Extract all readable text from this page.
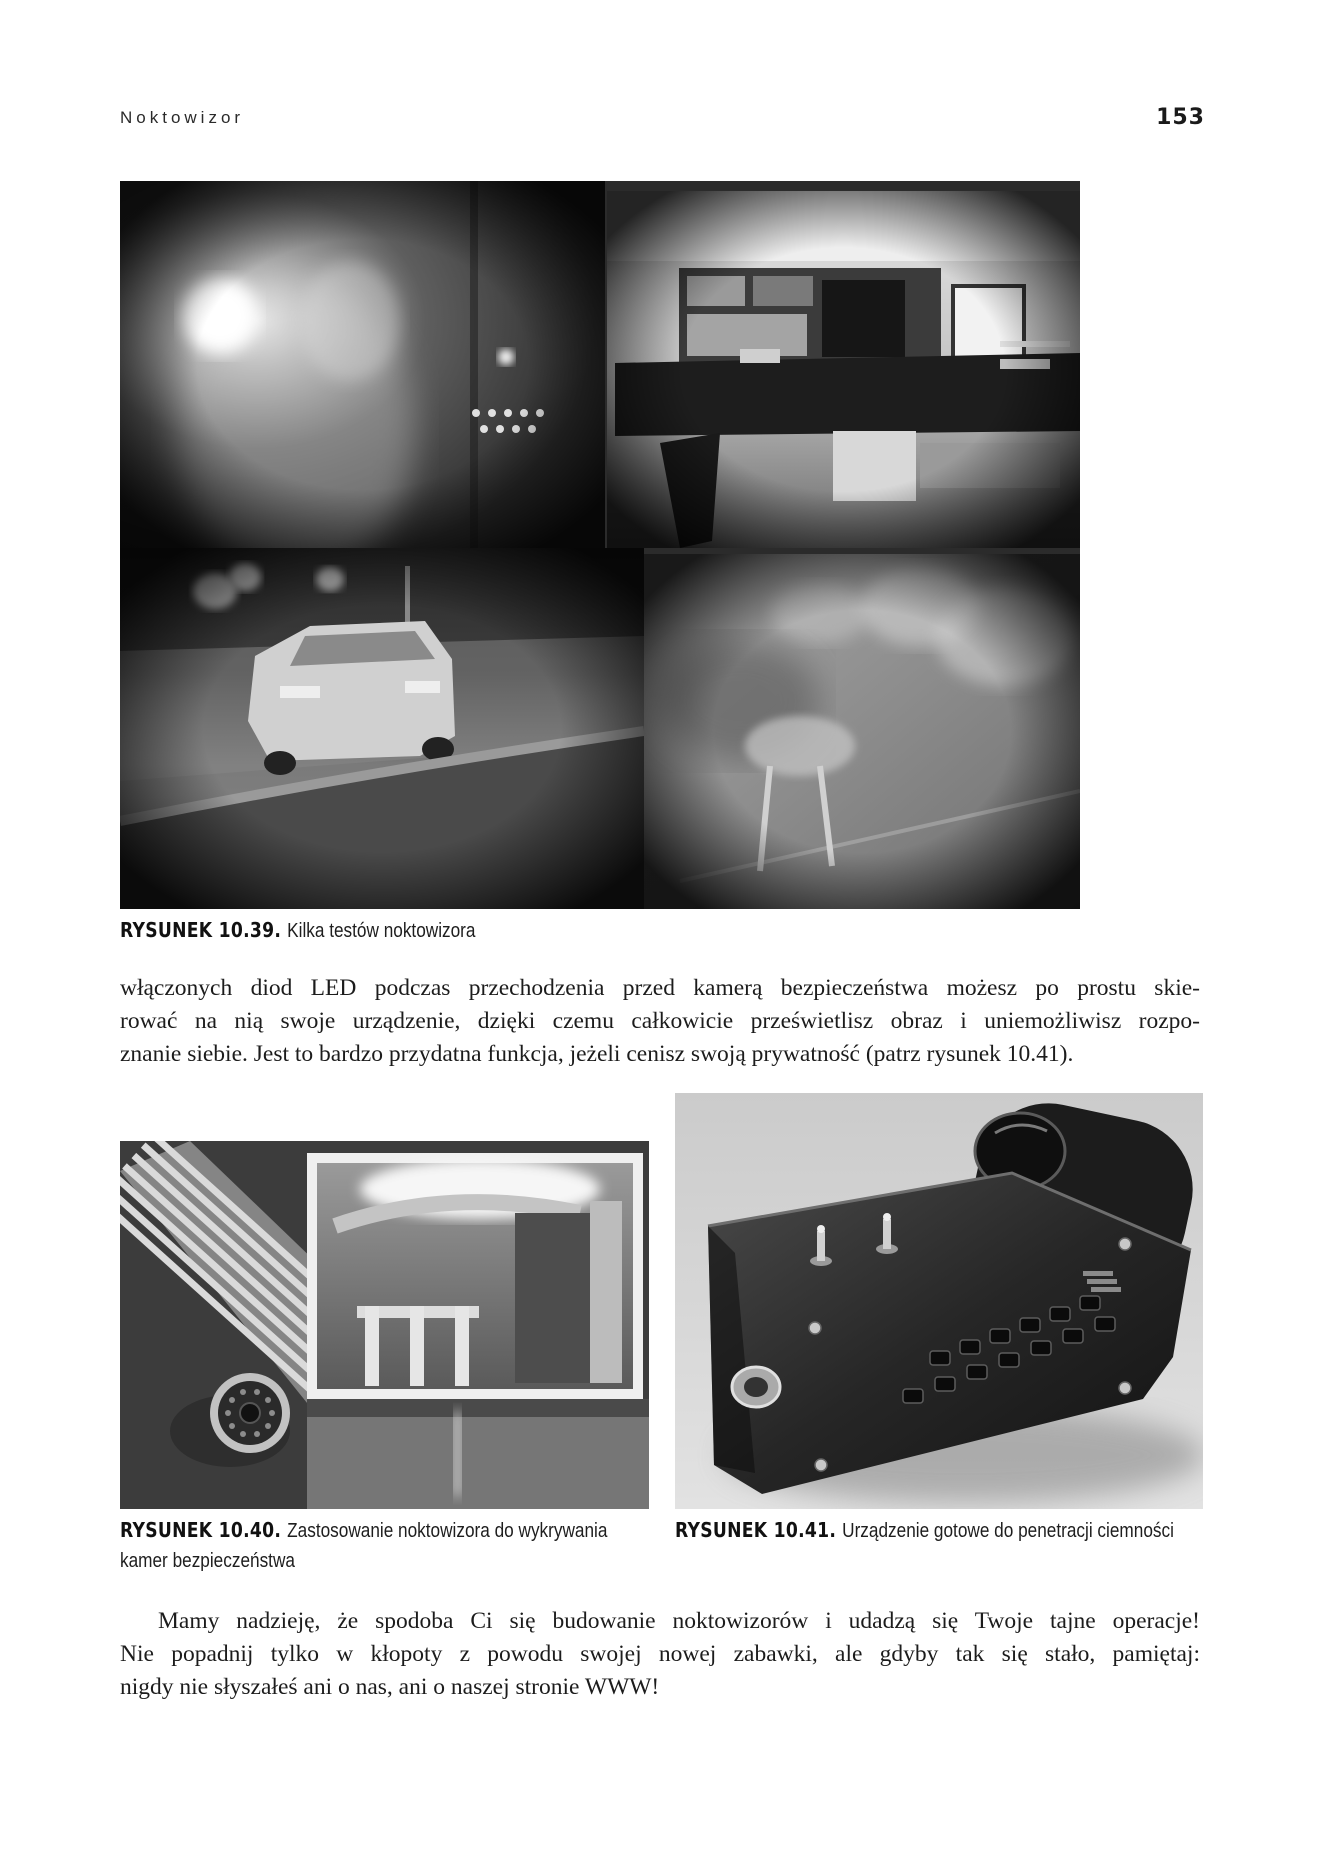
Noktowizor	153
RYSUNEK 10.39. Kilka testów noktowizora
włączonych diod LED podczas przechodzenia przed kamerą bezpieczeństwa możesz po prostu skie-
rować na nią swoje urządzenie, dzięki czemu całkowicie prześwietlisz obraz i uniemożliwisz rozpo-
znanie siebie. Jest to bardzo przydatna funkcja, jeżeli cenisz swoją prywatność (patrz rysunek 10.41).
RYSUNEK 10.40. Zastosowanie noktowizora do wykrywania
kamer bezpieczeństwa
RYSUNEK 10.41. Urządzenie gotowe do penetracji ciemności
Mamy nadzieję, że spodoba Ci się budowanie noktowizorów i udadzą się Twoje tajne operacje!
Nie popadnij tylko w kłopoty z powodu swojej nowej zabawki, ale gdyby tak się stało, pamiętaj:
nigdy nie słyszałeś ani o nas, ani o naszej stronie WWW!
